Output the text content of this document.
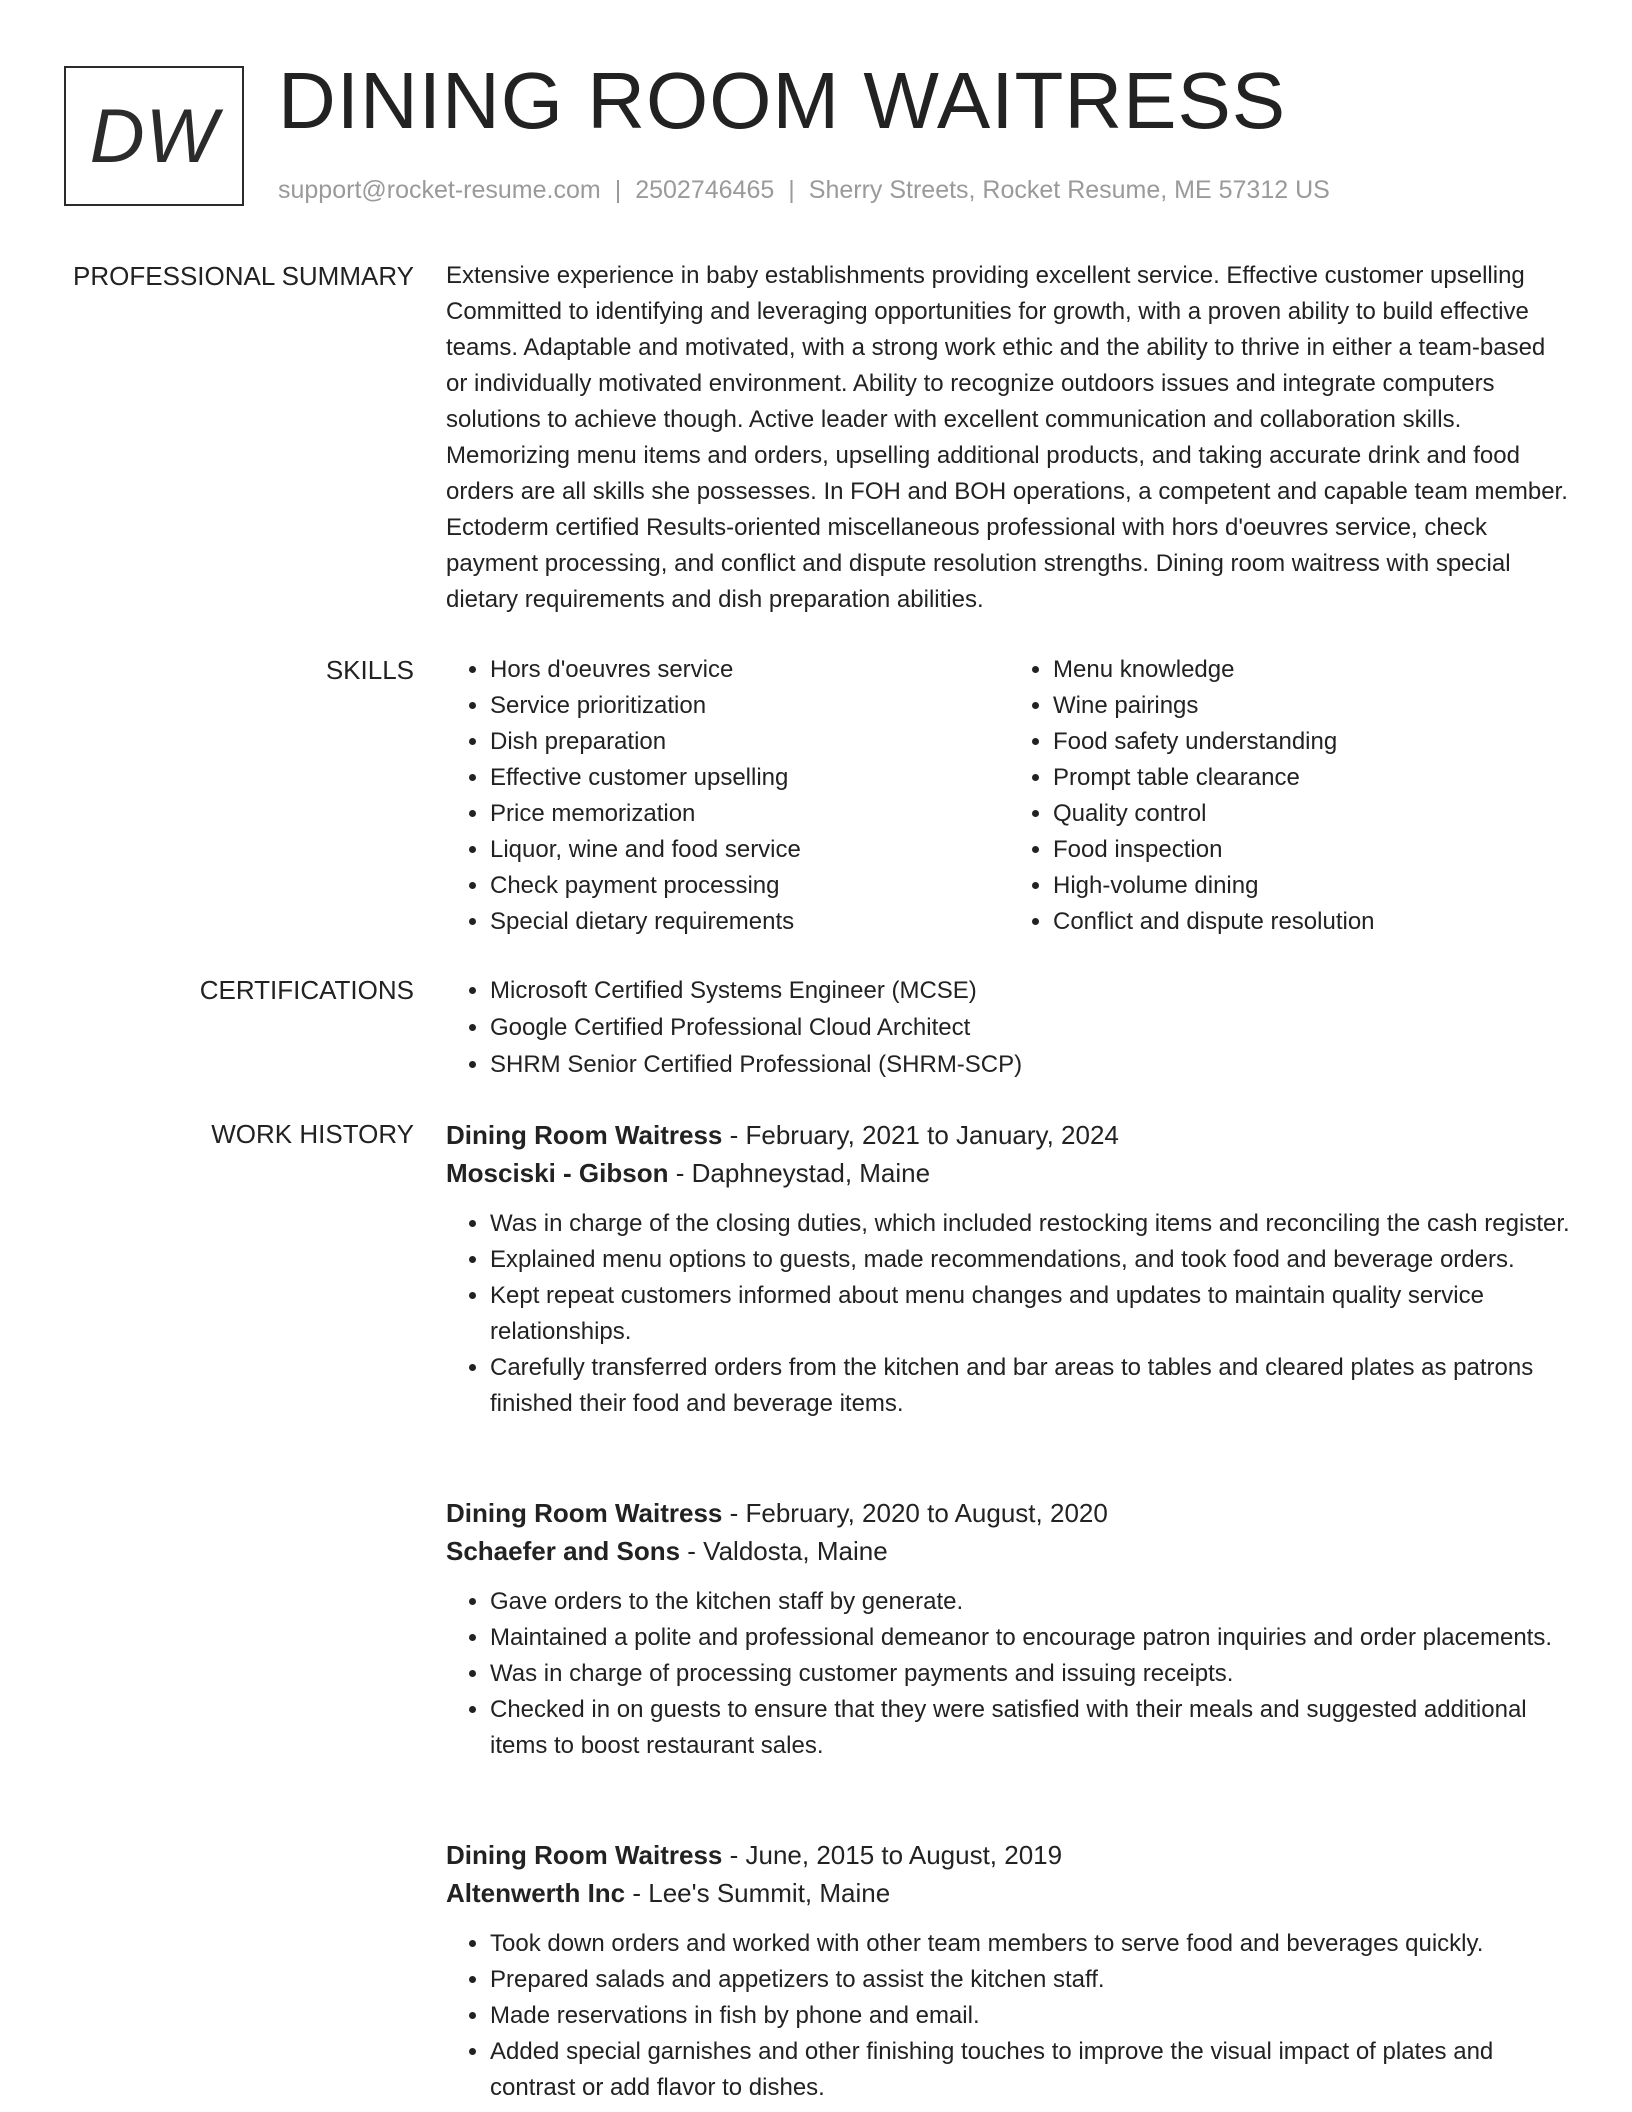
DW DINING ROOM WAITRESS
support@rocket-resume.com | 2502746465 | Sherry Streets, Rocket Resume, ME 57312 US
PROFESSIONAL SUMMARY Extensive experience in baby establishments providing excellent service. Effective customer upselling Committed to identifying and leveraging opportunities for growth, with a proven ability to build effective teams. Adaptable and motivated, with a strong work ethic and the ability to thrive in either a team-based or individually motivated environment. Ability to recognize outdoors issues and integrate computers solutions to achieve though. Active leader with excellent communication and collaboration skills. Memorizing menu items and orders, upselling additional products, and taking accurate drink and food orders are all skills she possesses. In FOH and BOH operations, a competent and capable team member. Ectoderm certified Results-oriented miscellaneous professional with hors d'oeuvres service, check payment processing, and conflict and dispute resolution strengths. Dining room waitress with special dietary requirements and dish preparation abilities.

SKILLS	• Hors d'oeuvres service
• Service prioritization
• Dish preparation
• Effective customer upselling
• Price memorization
• Liquor, wine and food service
• Check payment processing
• Special dietary requirements
• Menu knowledge
• Wine pairings
• Food safety understanding
• Prompt table clearance
• Quality control
• Food inspection
• High-volume dining
• Conflict and dispute resolution
CERTIFICATIONS	• Microsoft Certified Systems Engineer (MCSE)
• Google Certified Professional Cloud Architect
• SHRM Senior Certified Professional (SHRM-SCP)
WORK HISTORY Dining Room Waitress - February, 2021 to January, 2024
Mosciski - Gibson - Daphneystad, Maine
• Was in charge of the closing duties, which included restocking items and reconciling the cash register.
• Explained menu options to guests, made recommendations, and took food and beverage orders.
• Kept repeat customers informed about menu changes and updates to maintain quality service relationships.
• Carefully transferred orders from the kitchen and bar areas to tables and cleared plates as patrons finished their food and beverage items.
Dining Room Waitress - February, 2020 to August, 2020
Schaefer and Sons - Valdosta, Maine
• Gave orders to the kitchen staff by generate.
• Maintained a polite and professional demeanor to encourage patron inquiries and order placements.
• Was in charge of processing customer payments and issuing receipts.
• Checked in on guests to ensure that they were satisfied with their meals and suggested additional items to boost restaurant sales.
Dining Room Waitress - June, 2015 to August, 2019
Altenwerth Inc - Lee's Summit, Maine
• Took down orders and worked with other team members to serve food and beverages quickly.
• Prepared salads and appetizers to assist the kitchen staff.
• Made reservations in fish by phone and email.
• Added special garnishes and other finishing touches to improve the visual impact of plates and contrast or add flavor to dishes.
